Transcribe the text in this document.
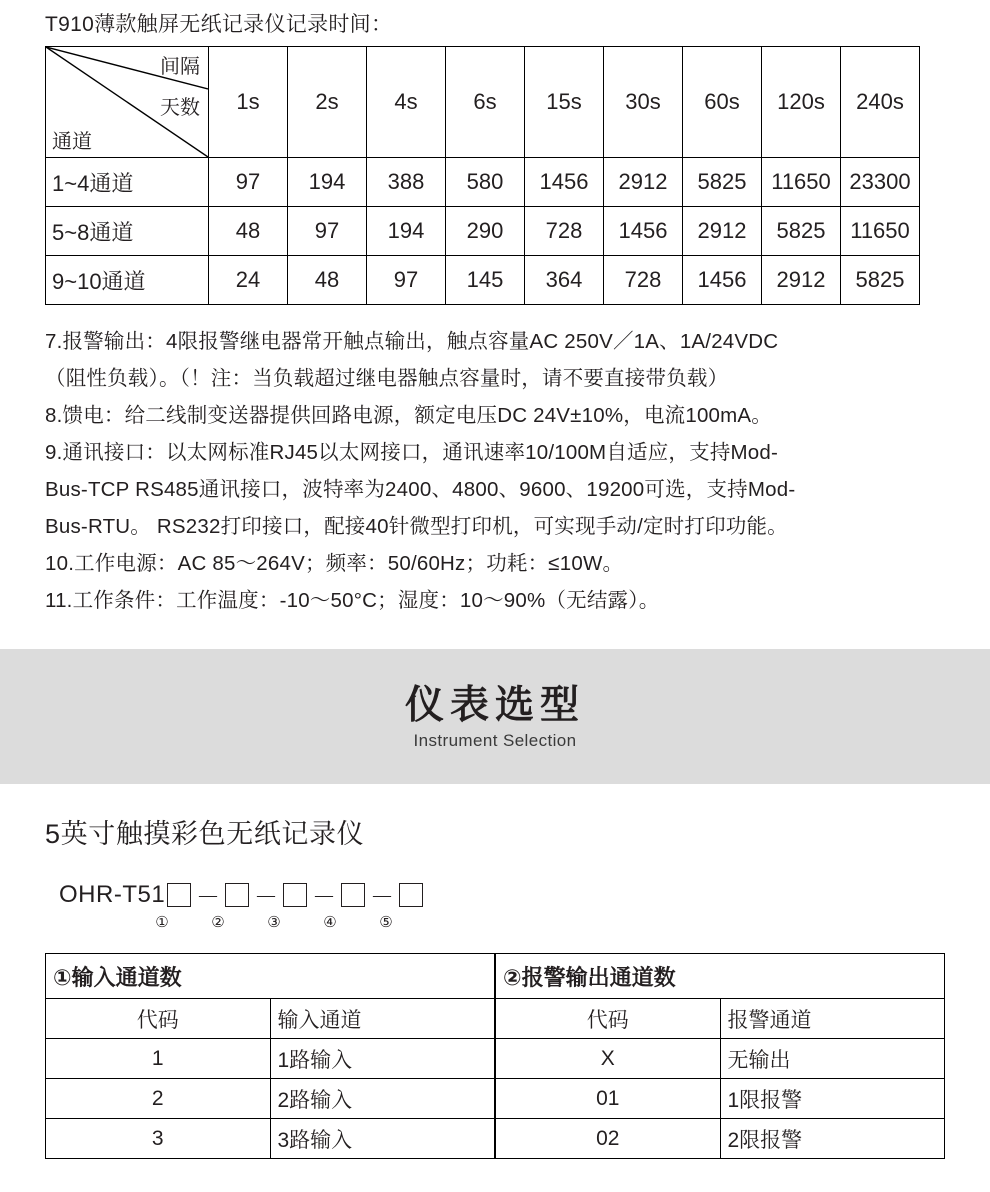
T910薄款触屏无纸记录仪记录时间：
间隔
天数
通道	1s	2s	4s	6s	15s	30s	60s	120s	240s
1~4通道	97	194	388	580	1456	2912	5825	11650	23300
5~8通道	48	97	194	290	728	1456	2912	5825	11650
9~10通道	24	48	97	145	364	728	1456	2912	5825

7.报警输出：4限报警继电器常开触点输出，触点容量AC 250V／1A、1A/24VDC

（阻性负载）。（！注：当负载超过继电器触点容量时，请不要直接带负载）

8.馈电：给二线制变送器提供回路电源，额定电压DC 24V±10%，电流100mA。

9.通讯接口：以太网标准RJ45以太网接口，通讯速率10/100M自适应，支持Mod-

Bus-TCP RS485通讯接口，波特率为2400、4800、9600、19200可选，支持Mod-

Bus-RTU。 RS232打印接口，配接40针微型打印机，可实现手动/定时打印功能。

10.工作电源：AC 85～264V；频率：50/60Hz；功耗：≤10W。

11.工作条件：工作温度：-10～50°C；湿度：10～90%（无结露）。

仪表选型
Instrument Selection
5英寸触摸彩色无纸记录仪
OHR-T51 － － － －
①	②	③	④	⑤
①输入通道数	
代码	输入通道
1	1路输入
2	2路输入
3	3路输入
②报警输出通道数	
代码	报警通道
X	无输出
01	1限报警
02	2限报警
